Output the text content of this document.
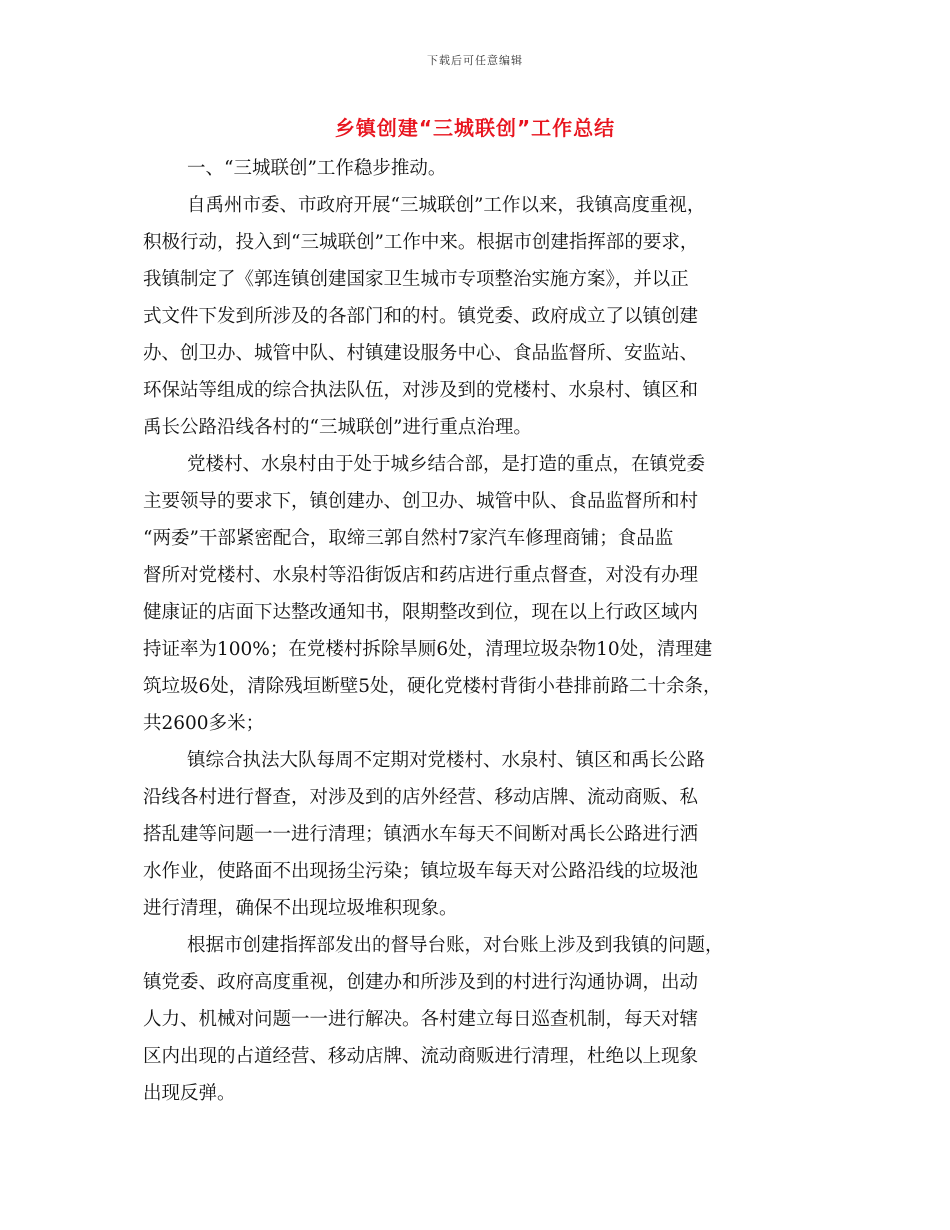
下载后可任意编辑
乡镇创建“三城联创”工作总结
一、“三城联创”工作稳步推动。
自禹州市委、市政府开展“三城联创”工作以来，我镇高度重视，
积极行动，投入到“三城联创”工作中来。根据市创建指挥部的要求，
我镇制定了《郭连镇创建国家卫生城市专项整治实施方案》，并以正
式文件下发到所涉及的各部门和的村。镇党委、政府成立了以镇创建
办、创卫办、城管中队、村镇建设服务中心、食品监督所、安监站、
环保站等组成的综合执法队伍，对涉及到的党楼村、水泉村、镇区和
禹长公路沿线各村的“三城联创”进行重点治理。
党楼村、水泉村由于处于城乡结合部，是打造的重点，在镇党委
主要领导的要求下，镇创建办、创卫办、城管中队、食品监督所和村
“两委”干部紧密配合，取缔三郭自然村7家汽车修理商铺；食品监
督所对党楼村、水泉村等沿街饭店和药店进行重点督查，对没有办理
健康证的店面下达整改通知书，限期整改到位，现在以上行政区域内
持证率为100%；在党楼村拆除旱厕6处，清理垃圾杂物10处，清理建
筑垃圾6处，清除残垣断壁5处，硬化党楼村背街小巷排前路二十余条，
共2600多米；
镇综合执法大队每周不定期对党楼村、水泉村、镇区和禹长公路
沿线各村进行督查，对涉及到的店外经营、移动店牌、流动商贩、私
搭乱建等问题一一进行清理；镇洒水车每天不间断对禹长公路进行洒
水作业，使路面不出现扬尘污染；镇垃圾车每天对公路沿线的垃圾池
进行清理，确保不出现垃圾堆积现象。
根据市创建指挥部发出的督导台账，对台账上涉及到我镇的问题，
镇党委、政府高度重视，创建办和所涉及到的村进行沟通协调，出动
人力、机械对问题一一进行解决。各村建立每日巡查机制，每天对辖
区内出现的占道经营、移动店牌、流动商贩进行清理，杜绝以上现象
出现反弹。
